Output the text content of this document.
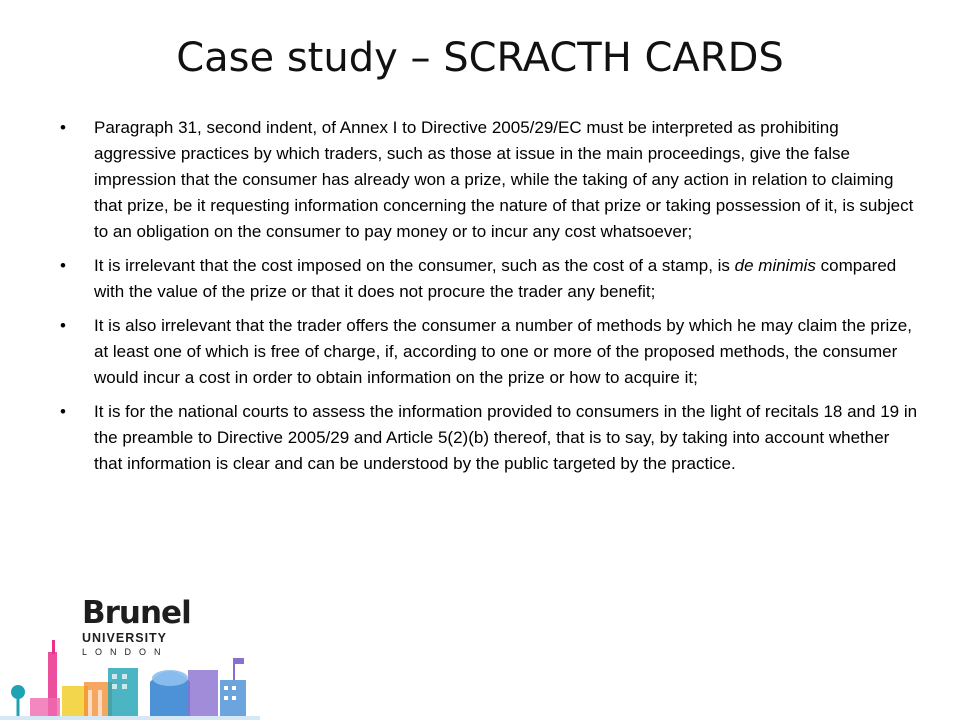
Case study – SCRACTH CARDS
• Paragraph 31, second indent, of Annex I to Directive 2005/29/EC must be interpreted as prohibiting aggressive practices by which traders, such as those at issue in the main proceedings, give the false impression that the consumer has already won a prize, while the taking of any action in relation to claiming that prize, be it requesting information concerning the nature of that prize or taking possession of it, is subject to an obligation on the consumer to pay money or to incur any cost whatsoever;
• It is irrelevant that the cost imposed on the consumer, such as the cost of a stamp, is de minimis compared with the value of the prize or that it does not procure the trader any benefit;
• It is also irrelevant that the trader offers the consumer a number of methods by which he may claim the prize, at least one of which is free of charge, if, according to one or more of the proposed methods, the consumer would incur a cost in order to obtain information on the prize or how to acquire it;
• It is for the national courts to assess the information provided to consumers in the light of recitals 18 and 19 in the preamble to Directive 2005/29 and Article 5(2)(b) thereof, that is to say, by taking into account whether that information is clear and can be understood by the public targeted by the practice.
Brunel
UNIVERSITY
LONDON
